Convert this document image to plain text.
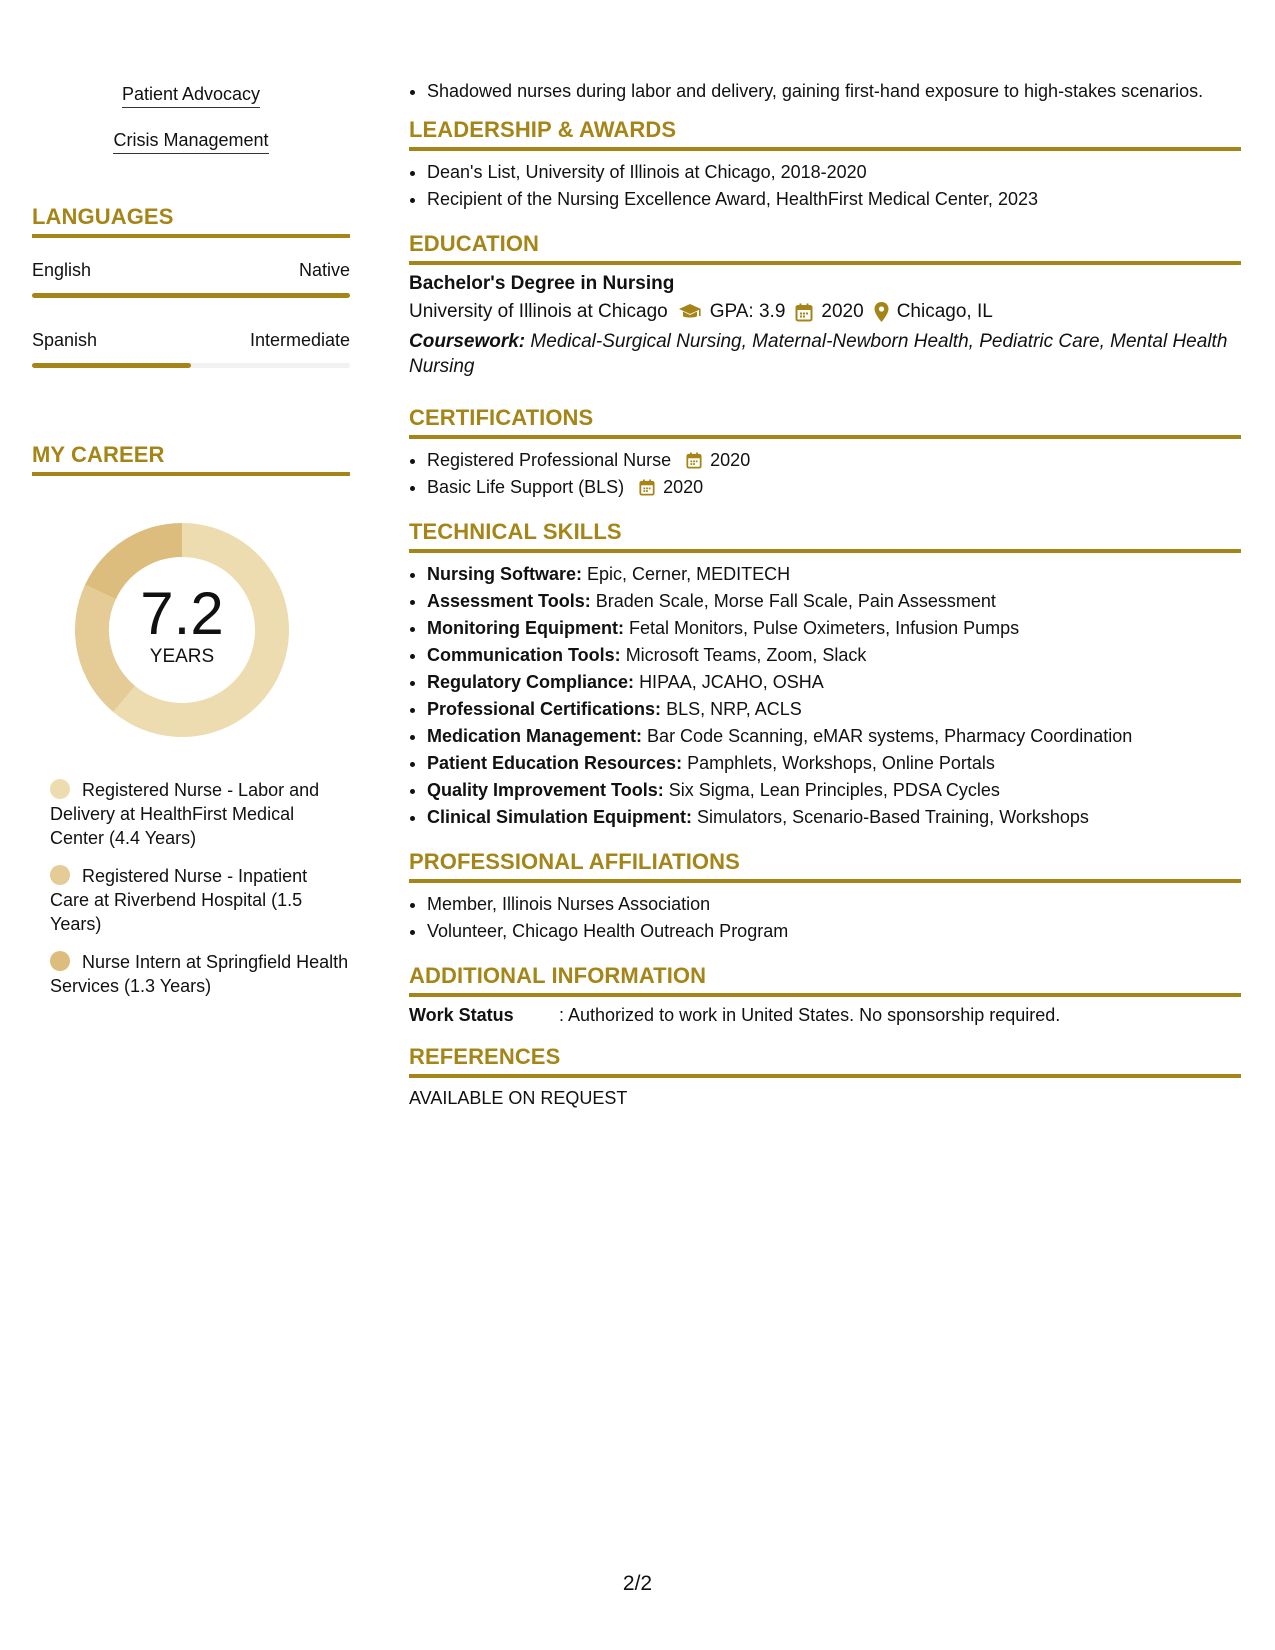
Patient Advocacy
Crisis Management
LANGUAGES
English	Native
Spanish	Intermediate
MY CAREER
7.2
YEARS
Registered Nurse - Labor and Delivery at HealthFirst Medical Center (4.4 Years)
Registered Nurse - Inpatient Care at Riverbend Hospital (1.5 Years)
Nurse Intern at Springfield Health Services (1.3 Years)
• Shadowed nurses during labor and delivery, gaining first-hand exposure to high-stakes scenarios.
LEADERSHIP & AWARDS
• Dean's List, University of Illinois at Chicago, 2018-2020
• Recipient of the Nursing Excellence Award, HealthFirst Medical Center, 2023
EDUCATION
Bachelor's Degree in Nursing
University of Illinois at Chicago GPA: 3.9 2020 Chicago, IL
Coursework: Medical-Surgical Nursing, Maternal-Newborn Health, Pediatric Care, Mental Health Nursing
CERTIFICATIONS
• Registered Professional Nurse 2020
• Basic Life Support (BLS) 2020
TECHNICAL SKILLS
• Nursing Software: Epic, Cerner, MEDITECH
• Assessment Tools: Braden Scale, Morse Fall Scale, Pain Assessment
• Monitoring Equipment: Fetal Monitors, Pulse Oximeters, Infusion Pumps
• Communication Tools: Microsoft Teams, Zoom, Slack
• Regulatory Compliance: HIPAA, JCAHO, OSHA
• Professional Certifications: BLS, NRP, ACLS
• Medication Management: Bar Code Scanning, eMAR systems, Pharmacy Coordination
• Patient Education Resources: Pamphlets, Workshops, Online Portals
• Quality Improvement Tools: Six Sigma, Lean Principles, PDSA Cycles
• Clinical Simulation Equipment: Simulators, Scenario-Based Training, Workshops
PROFESSIONAL AFFILIATIONS
• Member, Illinois Nurses Association
• Volunteer, Chicago Health Outreach Program
ADDITIONAL INFORMATION
Work Status	: Authorized to work in United States. No sponsorship required.
REFERENCES
AVAILABLE ON REQUEST
2/2
